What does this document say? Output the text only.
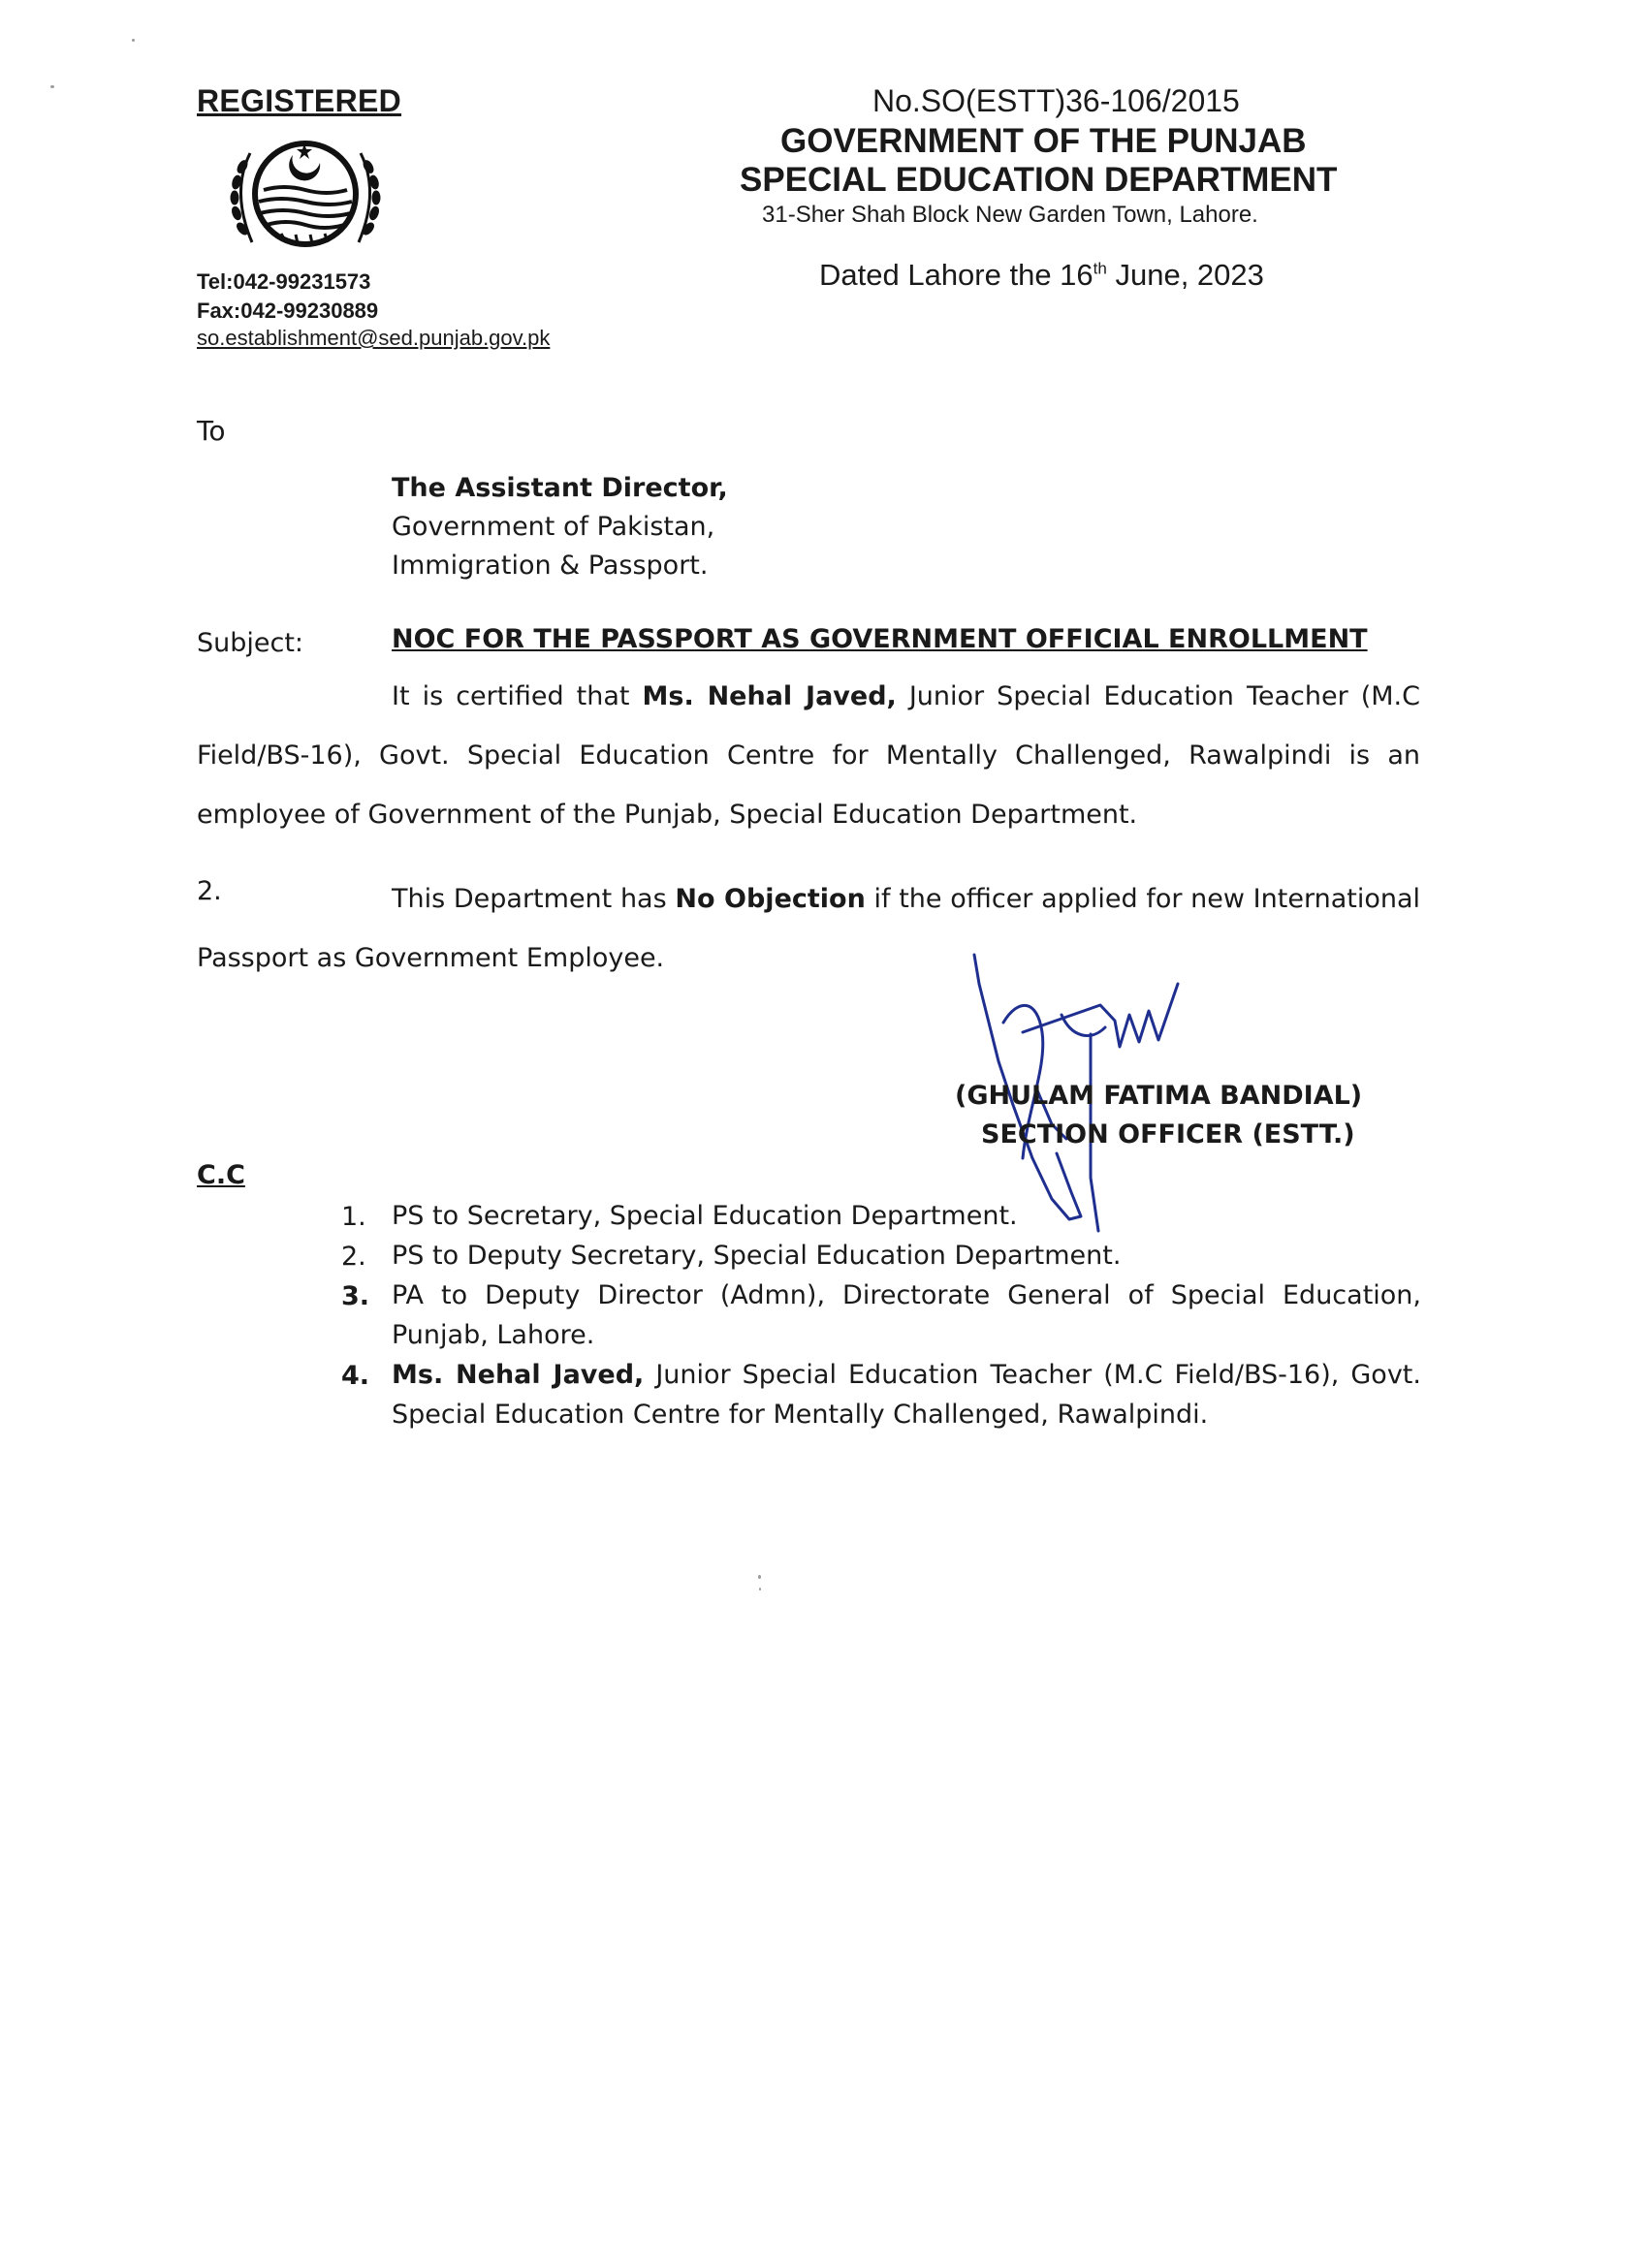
REGISTERED
Tel:042-99231573
Fax:042-99230889
so.establishment@sed.punjab.gov.pk
No.SO(ESTT)36-106/2015
GOVERNMENT OF THE PUNJAB
SPECIAL EDUCATION DEPARTMENT
31-Sher Shah Block New Garden Town, Lahore.
Dated Lahore the 16th June, 2023
To
The Assistant Director,
Government of Pakistan,
Immigration & Passport.
Subject:	NOC FOR THE PASSPORT AS GOVERNMENT OFFICIAL ENROLLMENT
It is certified that Ms. Nehal Javed, Junior Special Education Teacher (M.C Field/BS-16), Govt. Special Education Centre for Mentally Challenged, Rawalpindi is an employee of Government of the Punjab, Special Education Department.
2.	This Department has No Objection if the officer applied for new International Passport as Government Employee.
(GHULAM FATIMA BANDIAL)
SECTION OFFICER (ESTT.)
C.C
1. PS to Secretary, Special Education Department.
2. PS to Deputy Secretary, Special Education Department.
3. PA to Deputy Director (Admn), Directorate General of Special Education, Punjab, Lahore.
4. Ms. Nehal Javed, Junior Special Education Teacher (M.C Field/BS-16), Govt. Special Education Centre for Mentally Challenged, Rawalpindi.
